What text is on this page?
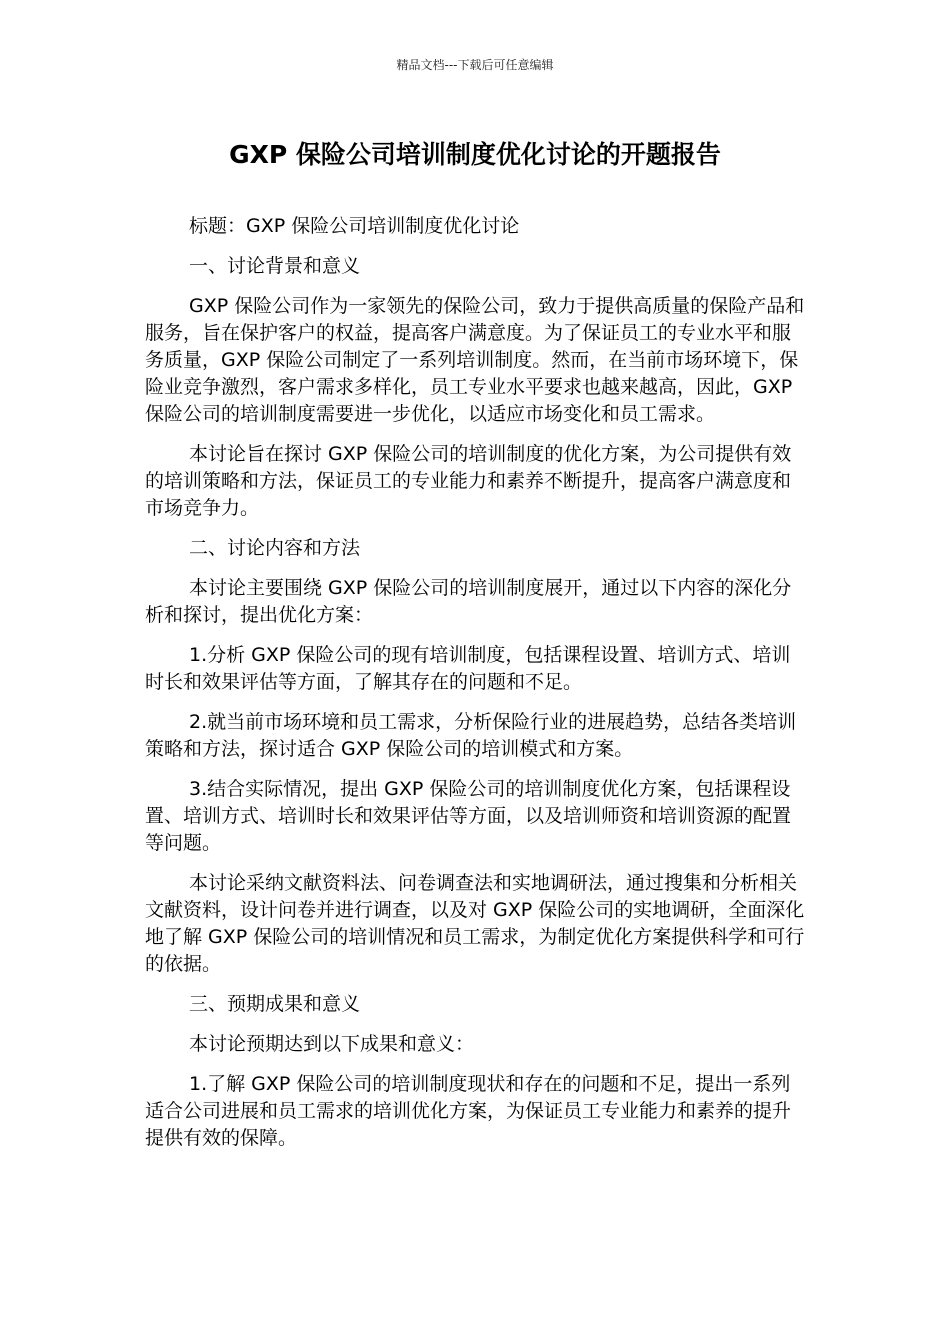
精品文档---下载后可任意编辑
GXP 保险公司培训制度优化讨论的开题报告

标题：GXP 保险公司培训制度优化讨论

一、讨论背景和意义

GXP 保险公司作为一家领先的保险公司，致力于提供高质量的保险产品和服务，旨在保护客户的权益，提高客户满意度。为了保证员工的专业水平和服务质量，GXP 保险公司制定了一系列培训制度。然而，在当前市场环境下，保险业竞争激烈，客户需求多样化，员工专业水平要求也越来越高，因此，GXP 保险公司的培训制度需要进一步优化，以适应市场变化和员工需求。

本讨论旨在探讨 GXP 保险公司的培训制度的优化方案，为公司提供有效的培训策略和方法，保证员工的专业能力和素养不断提升，提高客户满意度和市场竞争力。

二、讨论内容和方法

本讨论主要围绕 GXP 保险公司的培训制度展开，通过以下内容的深化分析和探讨，提出优化方案：

1.分析 GXP 保险公司的现有培训制度，包括课程设置、培训方式、培训时长和效果评估等方面，了解其存在的问题和不足。

2.就当前市场环境和员工需求，分析保险行业的进展趋势，总结各类培训策略和方法，探讨适合 GXP 保险公司的培训模式和方案。

3.结合实际情况，提出 GXP 保险公司的培训制度优化方案，包括课程设置、培训方式、培训时长和效果评估等方面，以及培训师资和培训资源的配置等问题。

本讨论采纳文献资料法、问卷调查法和实地调研法，通过搜集和分析相关文献资料，设计问卷并进行调查，以及对 GXP 保险公司的实地调研，全面深化地了解 GXP 保险公司的培训情况和员工需求，为制定优化方案提供科学和可行的依据。

三、预期成果和意义

本讨论预期达到以下成果和意义：

1.了解 GXP 保险公司的培训制度现状和存在的问题和不足，提出一系列适合公司进展和员工需求的培训优化方案，为保证员工专业能力和素养的提升提供有效的保障。
